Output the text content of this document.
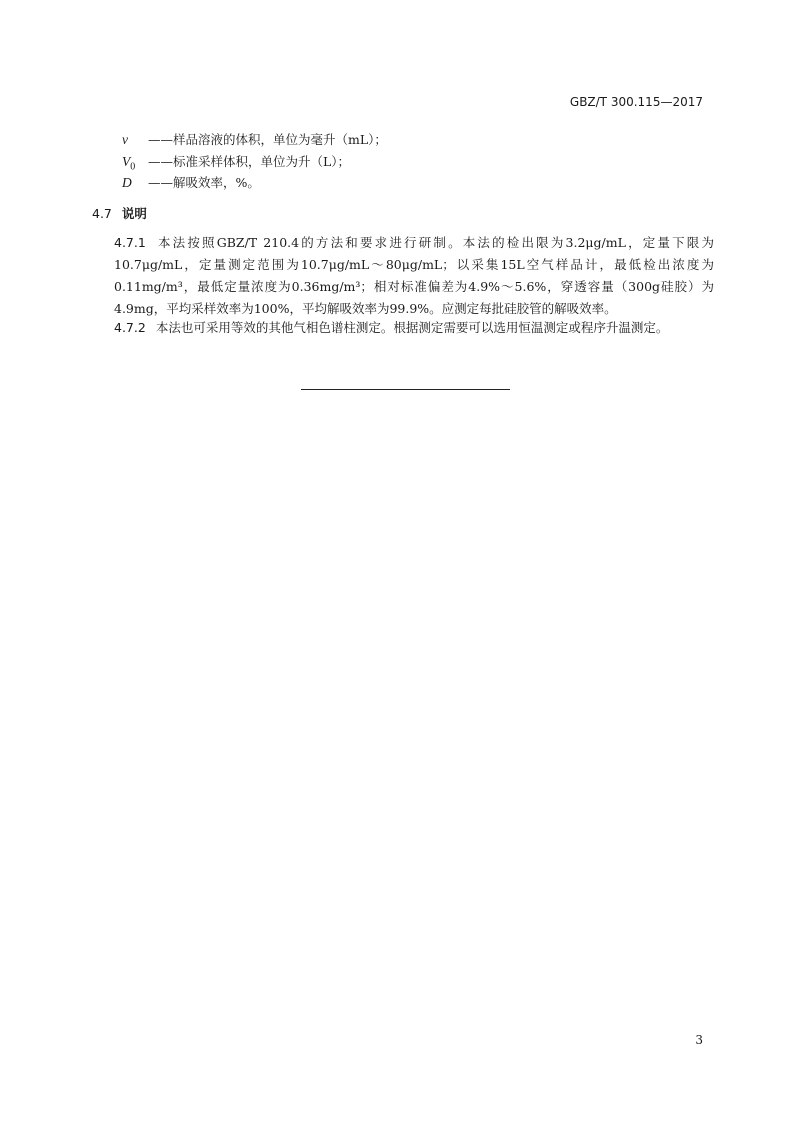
GBZ/T 300.115—2017
v ——样品溶液的体积，单位为毫升（mL）；
$V_0$ ——标准采样体积，单位为升（L）；
D ——解吸效率，%。
4.7 说明
4.7.1 本法按照GBZ/T 210.4的方法和要求进行研制。本法的检出限为3.2μg/mL，定量下限为10.7μg/mL，定量测定范围为10.7μg/mL～80μg/mL；以采集15L空气样品计，最低检出浓度为0.11mg/m³，最低定量浓度为0.36mg/m³；相对标准偏差为4.9%～5.6%，穿透容量（300g硅胶）为4.9mg，平均采样效率为100%，平均解吸效率为99.9%。应测定每批硅胶管的解吸效率。
4.7.2 本法也可采用等效的其他气相色谱柱测定。根据测定需要可以选用恒温测定或程序升温测定。
3
